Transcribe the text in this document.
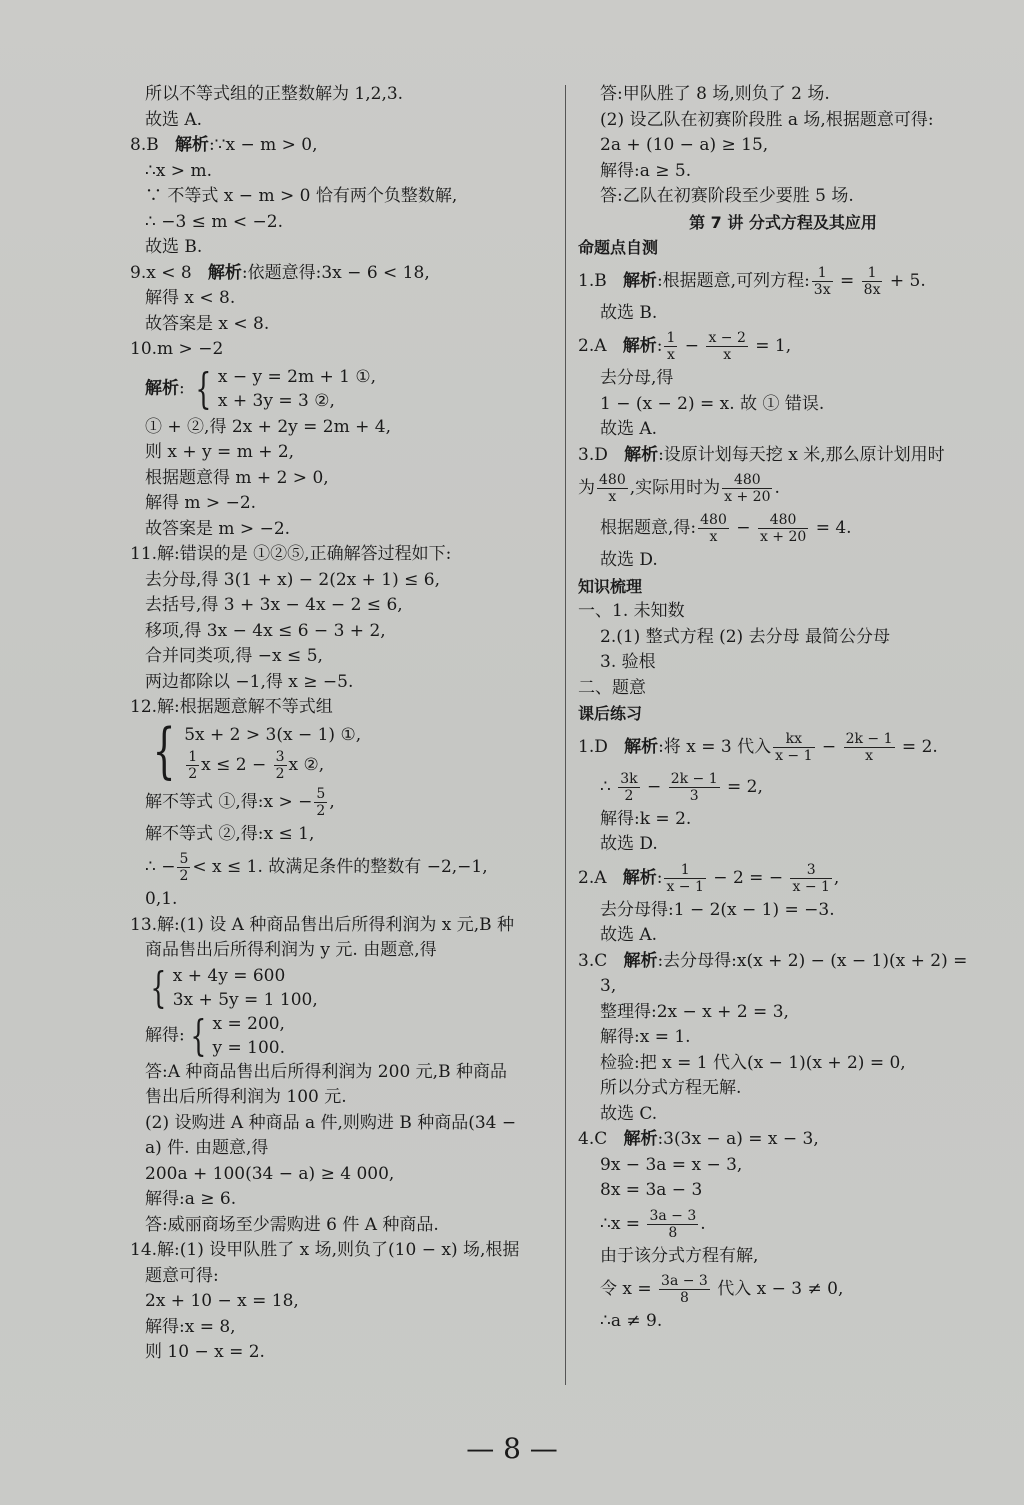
所以不等式组的正整数解为 1,2,3.
故选 A.
8.B 解析:∵x − m > 0,
∴x > m.
∵ 不等式 x − m > 0 恰有两个负整数解,
∴ −3 ≤ m < −2.
故选 B.
9.x < 8 解析:依题意得:3x − 6 < 18,
解得 x < 8.
故答案是 x < 8.
10.m > −2
解析: { x − y = 2m + 1 ①,
x + 3y = 3 ②,
① + ②,得 2x + 2y = 2m + 4,
则 x + y = m + 2,
根据题意得 m + 2 > 0,
解得 m > −2.
故答案是 m > −2.
11.解:错误的是 ①②⑤,正确解答过程如下:
去分母,得 3(1 + x) − 2(2x + 1) ≤ 6,
去括号,得 3 + 3x − 4x − 2 ≤ 6,
移项,得 3x − 4x ≤ 6 − 3 + 2,
合并同类项,得 −x ≤ 5,
两边都除以 −1,得 x ≥ −5.
12.解:根据题意解不等式组
{ 5x + 2 > 3(x − 1) ①,
$\frac{1}{2}$ $x \le 2 - \frac{3}{2}$ x ②,
解不等式 ①,得:x > − $\frac{5}{2}$ ,
解不等式 ②,得:x ≤ 1,
∴ − $\frac{5}{2} < x \le 1$. 故满足条件的整数有 −2,−1,
0,1.
13.解:(1) 设 A 种商品售出后所得利润为 x 元,B 种
商品售出后所得利润为 y 元. 由题意,得
{ x + 4y = 600
3x + 5y = 1 100,
解得: { x = 200,
y = 100.
答:A 种商品售出后所得利润为 200 元,B 种商品
售出后所得利润为 100 元.
(2) 设购进 A 种商品 a 件,则购进 B 种商品(34 −
a) 件. 由题意,得
200a + 100(34 − a) ≥ 4 000,
解得:a ≥ 6.
答:威丽商场至少需购进 6 件 A 种商品.
14.解:(1) 设甲队胜了 x 场,则负了(10 − x) 场,根据
题意可得:
2x + 10 − x = 18,
解得:x = 8,
则 10 − x = 2.
答:甲队胜了 8 场,则负了 2 场.
(2) 设乙队在初赛阶段胜 a 场,根据题意可得:
2a + (10 − a) ≥ 15,
解得:a ≥ 5.
答:乙队在初赛阶段至少要胜 5 场.
第 7 讲 分式方程及其应用
命题点自测
1.B 解析:根据题意,可列方程: $\frac{1}{3x} = \frac{1}{8x} + 5$.
故选 B.
2.A 解析: $\frac{1}{x} - \frac{x - 2}{x} = 1$,
去分母,得
1 − (x − 2) = x. 故 ① 错误.
故选 A.
3.D 解析:设原计划每天挖 x 米,那么原计划用时
为 $\frac{480}{x}$ ,实际用时为 $\frac{480}{x + 20}$ .
根据题意,得: $\frac{480}{x} - \frac{480}{x + 20} = 4$.
故选 D.
知识梳理
一、1. 未知数
2.(1) 整式方程 (2) 去分母 最简公分母
3. 验根
二、题意
课后练习
1.D 解析:将 x = 3 代入 $\frac{kx}{x - 1} - \frac{2k - 1}{x} = 2$.
∴ $\frac{3k}{2} - \frac{2k - 1}{3} = 2$,
解得:k = 2.
故选 D.
2.A 解析: $\frac{1}{x - 1} - 2$ = − $\frac{3}{x - 1}$ ,
去分母得:1 − 2(x − 1) = −3.
故选 A.
3.C 解析:去分母得:x(x + 2) − (x − 1)(x + 2) =
3,
整理得:2x − x + 2 = 3,
解得:x = 1.
检验:把 x = 1 代入(x − 1)(x + 2) = 0,
所以分式方程无解.
故选 C.
4.C 解析:3(3x − a) = x − 3,
9x − 3a = x − 3,
8x = 3a − 3
∴x = $\frac{3a - 3}{8}$ .
由于该分式方程有解,
令 $x = \frac{3a - 3}{8}$ 代入 x − 3 ≠ 0,
∴a ≠ 9.
— 8 —
